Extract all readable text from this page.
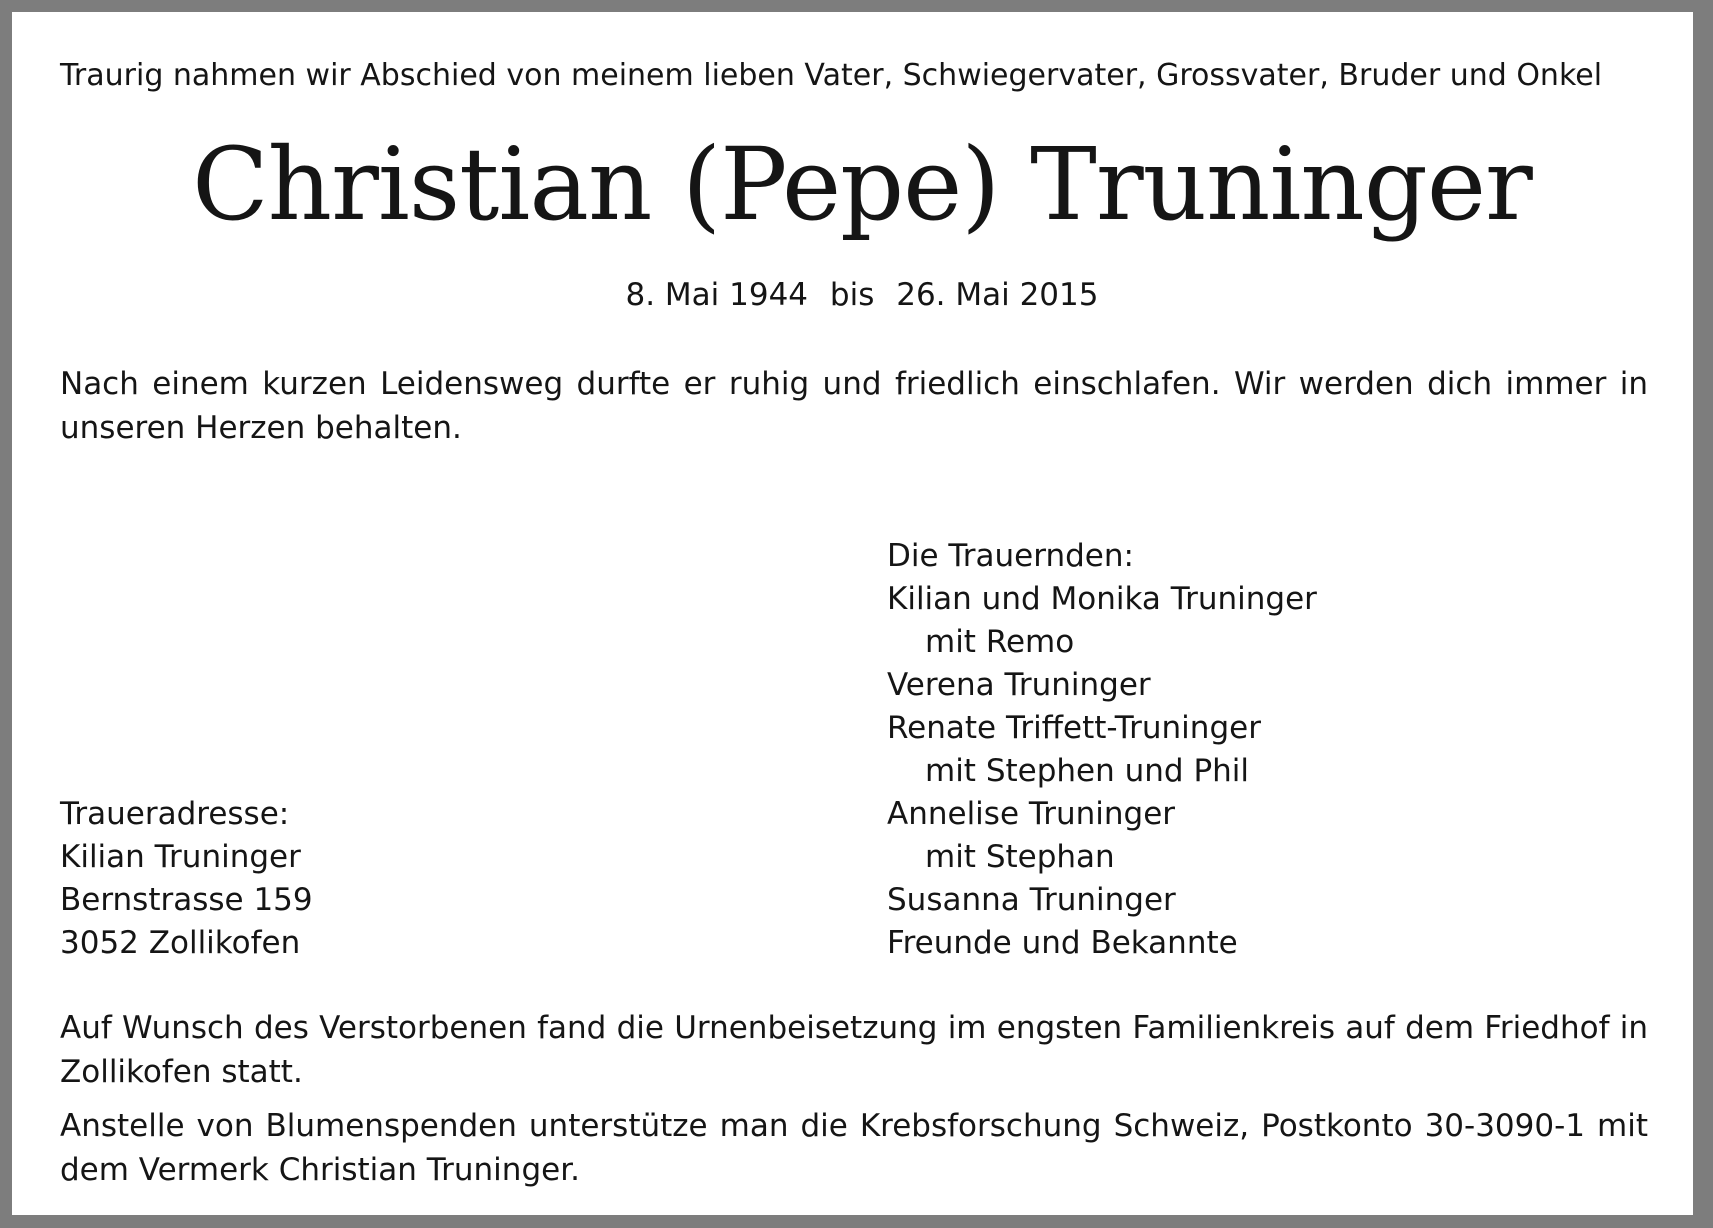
Traurig nahmen wir Abschied von meinem lieben Vater, Schwiegervater, Grossvater, Bruder und Onkel
Christian (Pepe) Truninger
8. Mai 1944 bis 26. Mai 2015
Nach einem kurzen Leidensweg durfte er ruhig und friedlich einschlafen. Wir werden dich immer in unseren Herzen behalten.
Die Trauernden:
Kilian und Monika Truninger
mit Remo
Verena Truninger
Renate Triffett-Truninger
mit Stephen und Phil
Annelise Truninger
mit Stephan
Susanna Truninger
Freunde und Bekannte
Traueradresse:
Kilian Truninger
Bernstrasse 159
3052 Zollikofen
Auf Wunsch des Verstorbenen fand die Urnenbeisetzung im engsten Familienkreis auf dem Friedhof in Zollikofen statt.
Anstelle von Blumenspenden unterstütze man die Krebsforschung Schweiz, Postkonto 30-3090-1 mit dem Vermerk Christian Truninger.
